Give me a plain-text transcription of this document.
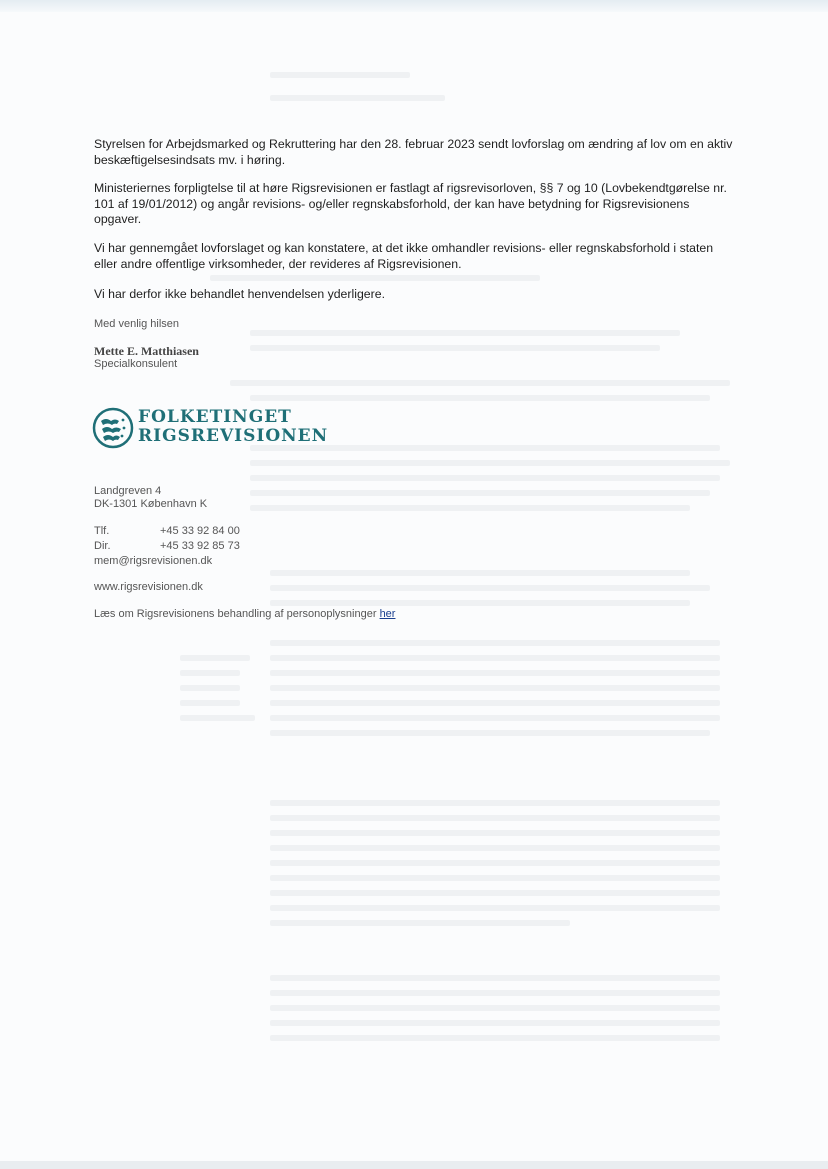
Styrelsen for Arbejdsmarked og Rekruttering har den 28. februar 2023 sendt lovforslag om ændring af lov om en aktiv beskæftigelsesindsats mv. i høring.
Ministeriernes forpligtelse til at høre Rigsrevisionen er fastlagt af rigsrevisorloven, §§ 7 og 10 (Lovbekendtgørelse nr. 101 af 19/01/2012) og angår revisions- og/eller regnskabsforhold, der kan have betydning for Rigsrevisionens opgaver.
Vi har gennemgået lovforslaget og kan konstatere, at det ikke omhandler revisions- eller regnskabsforhold i staten eller andre offentlige virksomheder, der revideres af Rigsrevisionen.
Vi har derfor ikke behandlet henvendelsen yderligere.
Med venlig hilsen
Mette E. Matthiasen
Specialkonsulent
FOLKETINGET
RIGSREVISIONEN
Landgreven 4
DK-1301 København K
Tlf.	+45 33 92 84 00
Dir.	+45 33 92 85 73
mem@rigsrevisionen.dk
www.rigsrevisionen.dk
Læs om Rigsrevisionens behandling af personoplysninger her
